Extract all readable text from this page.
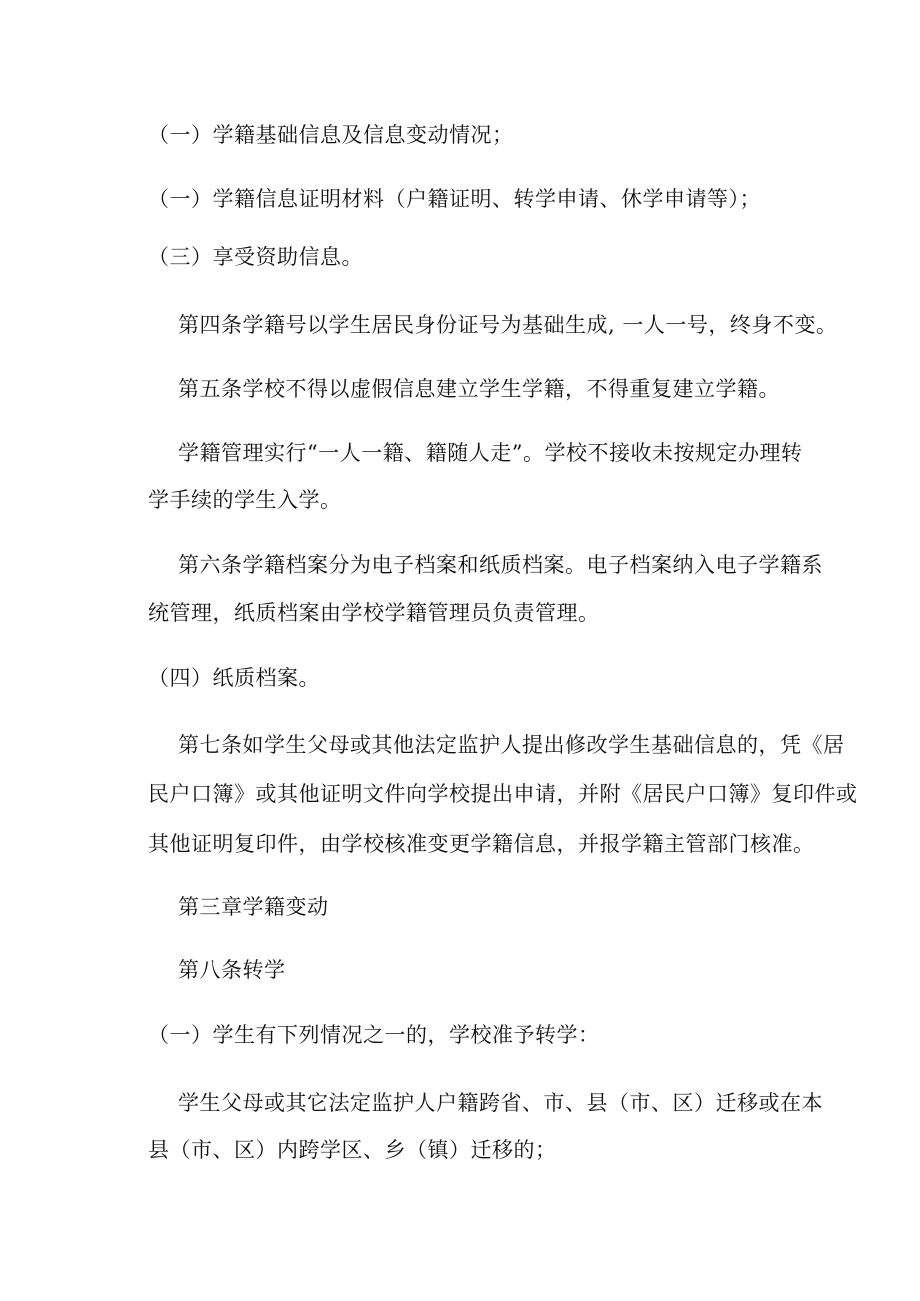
（一）学籍基础信息及信息变动情况；

（一）学籍信息证明材料（户籍证明、转学申请、休学申请等）；

（三）享受资助信息。

第四条学籍号以学生居民身份证号为基础生成, 一人一号，终身不变。

第五条学校不得以虚假信息建立学生学籍，不得重复建立学籍。

学籍管理实行“一人一籍、籍随人走”。学校不接收未按规定办理转

学手续的学生入学。

第六条学籍档案分为电子档案和纸质档案。电子档案纳入电子学籍系

统管理，纸质档案由学校学籍管理员负责管理。

（四）纸质档案。

第七条如学生父母或其他法定监护人提出修改学生基础信息的，凭《居

民户口簿》或其他证明文件向学校提出申请，并附《居民户口簿》复印件或

其他证明复印件，由学校核准变更学籍信息，并报学籍主管部门核准。

第三章学籍变动

第八条转学

（一）学生有下列情况之一的，学校准予转学：

学生父母或其它法定监护人户籍跨省、市、县（市、区）迁移或在本

县（市、区）内跨学区、乡（镇）迁移的；
